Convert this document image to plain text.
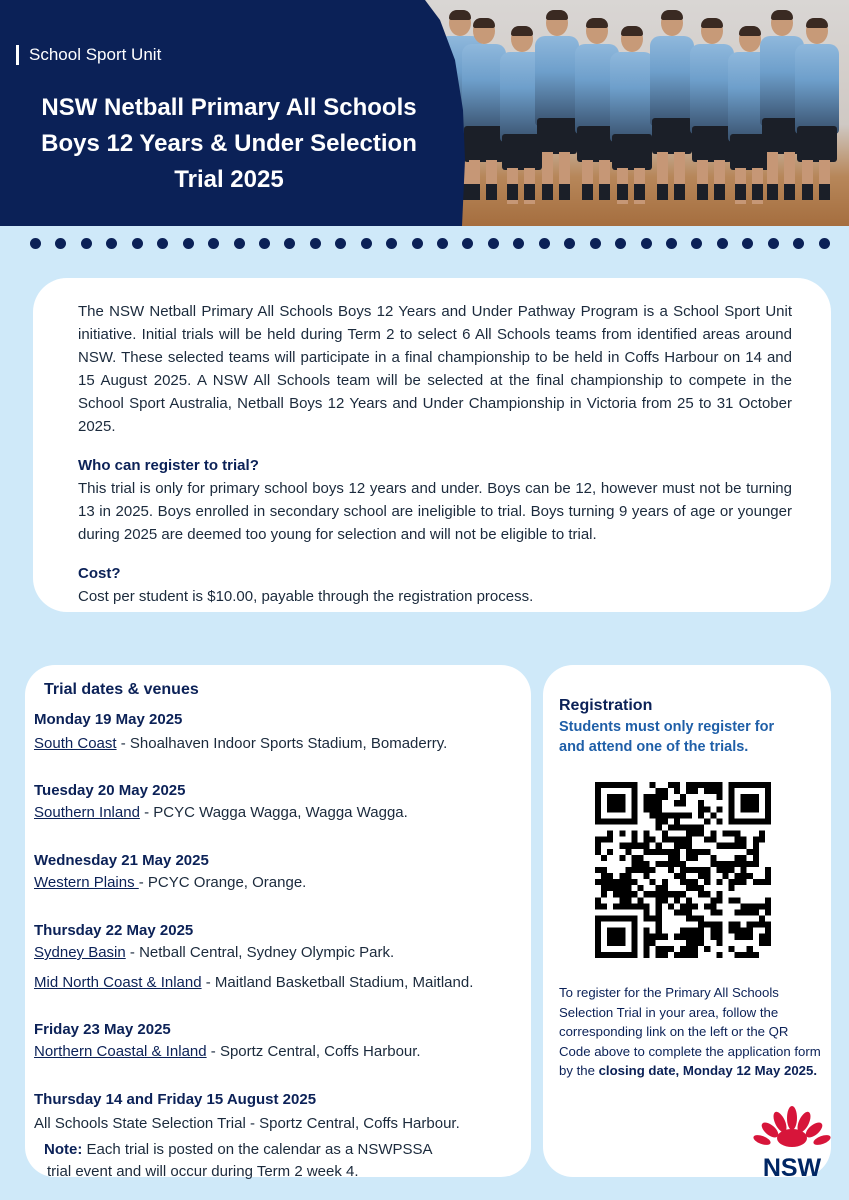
School Sport Unit
NSW Netball Primary All Schools
Boys 12 Years & Under Selection
Trial 2025

The NSW Netball Primary All Schools Boys 12 Years and Under Pathway Program is a School Sport Unit initiative. Initial trials will be held during Term 2 to select 6 All Schools teams from identified areas around NSW. These selected teams will participate in a final championship to be held in Coffs Harbour on 14 and 15 August 2025. A NSW All Schools team will be selected at the final championship to compete in the School Sport Australia, Netball Boys 12 Years and Under Championship in Victoria from 25 to 31 October 2025.

Who can register to trial?

This trial is only for primary school boys 12 years and under. Boys can be 12, however must not be turning 13 in 2025. Boys enrolled in secondary school are ineligible to trial. Boys turning 9 years of age or younger during 2025 are deemed too young for selection and will not be eligible to trial.

Cost?

Cost per student is $10.00, payable through the registration process.

Trial dates & venues
Monday 19 May 2025
South Coast - Shoalhaven Indoor Sports Stadium, Bomaderry.
Tuesday 20 May 2025
Southern Inland - PCYC Wagga Wagga, Wagga Wagga.
Wednesday 21 May 2025
Western Plains - PCYC Orange, Orange.
Thursday 22 May 2025
Sydney Basin - Netball Central, Sydney Olympic Park.
Mid North Coast & Inland - Maitland Basketball Stadium, Maitland.
Friday 23 May 2025
Northern Coastal & Inland - Sportz Central, Coffs Harbour.
Thursday 14 and Friday 15 August 2025
All Schools State Selection Trial - Sportz Central, Coffs Harbour.
Note: Each trial is posted on the calendar as a NSWPSSA
trial event and will occur during Term 2 week 4.
Registration
Students must only register for
and attend one of the trials.
To register for the Primary All Schools Selection Trial in your area, follow the corresponding link on the left or the QR Code above to complete the application form by the closing date, Monday 12 May 2025.
NSW
